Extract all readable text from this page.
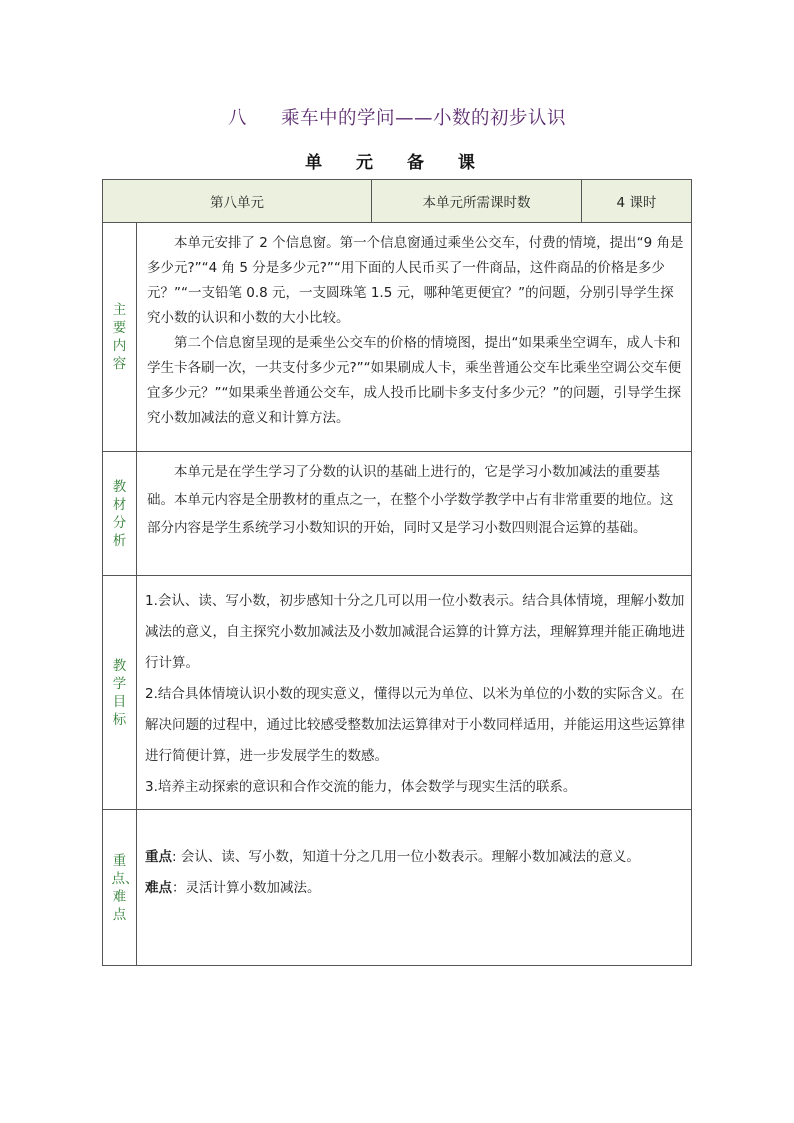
八 乘车中的学问——小数的初步认识
单 元 备 课
第八单元		本单元所需课时数	4 课时

主要内容	本单元安排了 2 个信息窗。第一个信息窗通过乘坐公交车，付费的情境，提出“9 角是多少元?”“4 角 5 分是多少元?”“用下面的人民币买了一件商品，这件商品的价格是多少元？”“一支铅笔 0.8 元，一支圆珠笔 1.5 元，哪种笔更便宜？”的问题，分别引导学生探究小数的认识和小数的大小比较。

第二个信息窗呈现的是乘坐公交车的价格的情境图，提出“如果乘坐空调车，成人卡和学生卡各刷一次，一共支付多少元?”“如果刷成人卡，乘坐普通公交车比乘坐空调公交车便宜多少元？”“如果乘坐普通公交车，成人投币比刷卡多支付多少元？”的问题，引导学生探究小数加减法的意义和计算方法。		

教材分析	本单元是在学生学习了分数的认识的基础上进行的，它是学习小数加减法的重要基础。本单元内容是全册教材的重点之一，在整个小学数学教学中占有非常重要的地位。这部分内容是学生系统学习小数知识的开始，同时又是学习小数四则混合运算的基础。		

教学目标	1.会认、读、写小数，初步感知十分之几可以用一位小数表示。结合具体情境，理解小数加减法的意义，自主探究小数加减法及小数加减混合运算的计算方法，理解算理并能正确地进行计算。

2.结合具体情境认识小数的现实意义，懂得以元为单位、以米为单位的小数的实际含义。在解决问题的过程中，通过比较感受整数加法运算律对于小数同样适用，并能运用这些运算律进行简便计算，进一步发展学生的数感。

3.培养主动探索的意识和合作交流的能力，体会数学与现实生活的联系。		

重点、难点	重点: 会认、读、写小数，知道十分之几用一位小数表示。理解小数加减法的意义。

难点：灵活计算小数加减法。		
